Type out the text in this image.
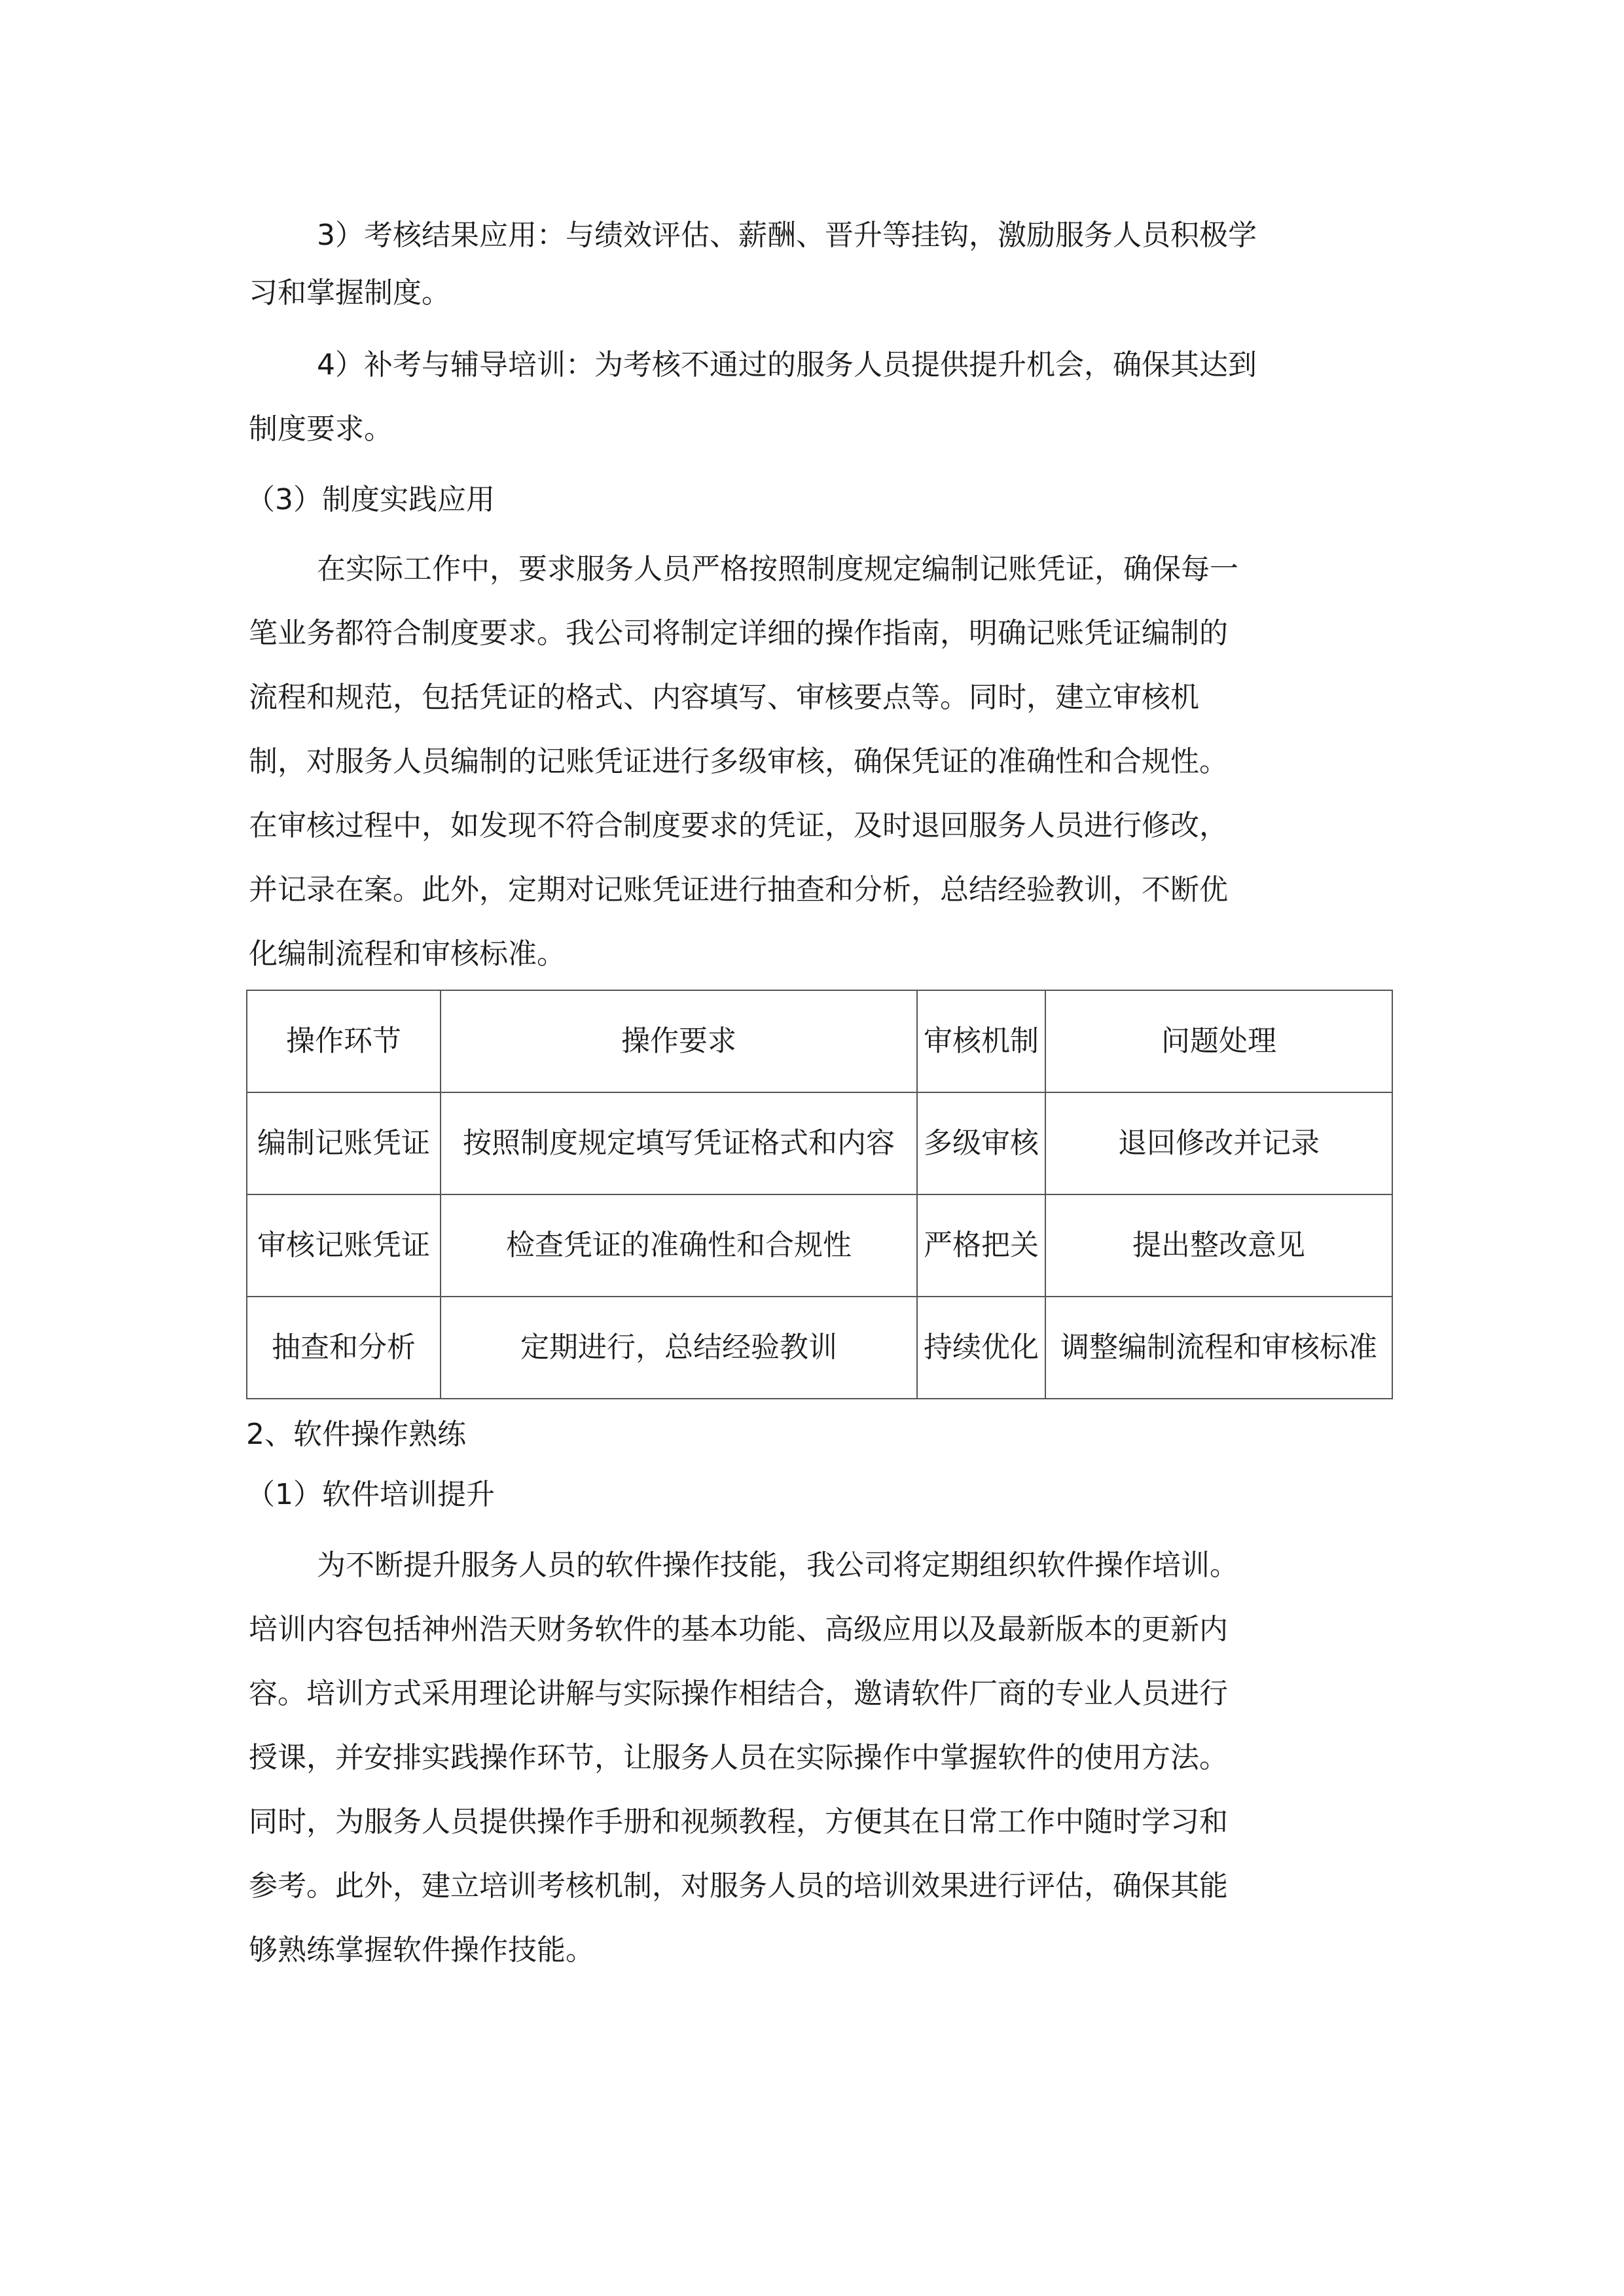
3）考核结果应用：与绩效评估、薪酬、晋升等挂钩，激励服务人员积极学
习和掌握制度。
4）补考与辅导培训：为考核不通过的服务人员提供提升机会，确保其达到
制度要求。
（3）制度实践应用
在实际工作中，要求服务人员严格按照制度规定编制记账凭证，确保每一
笔业务都符合制度要求。我公司将制定详细的操作指南，明确记账凭证编制的
流程和规范，包括凭证的格式、内容填写、审核要点等。同时，建立审核机
制，对服务人员编制的记账凭证进行多级审核，确保凭证的准确性和合规性。
在审核过程中，如发现不符合制度要求的凭证，及时退回服务人员进行修改，
并记录在案。此外，定期对记账凭证进行抽查和分析，总结经验教训，不断优
化编制流程和审核标准。
操作环节	操作要求	审核机制	问题处理
编制记账凭证	按照制度规定填写凭证格式和内容	多级审核	退回修改并记录
审核记账凭证	检查凭证的准确性和合规性	严格把关	提出整改意见
抽查和分析	定期进行，总结经验教训	持续优化	调整编制流程和审核标准
2、软件操作熟练
（1）软件培训提升
为不断提升服务人员的软件操作技能，我公司将定期组织软件操作培训。
培训内容包括神州浩天财务软件的基本功能、高级应用以及最新版本的更新内
容。培训方式采用理论讲解与实际操作相结合，邀请软件厂商的专业人员进行
授课，并安排实践操作环节，让服务人员在实际操作中掌握软件的使用方法。
同时，为服务人员提供操作手册和视频教程，方便其在日常工作中随时学习和
参考。此外，建立培训考核机制，对服务人员的培训效果进行评估，确保其能
够熟练掌握软件操作技能。
